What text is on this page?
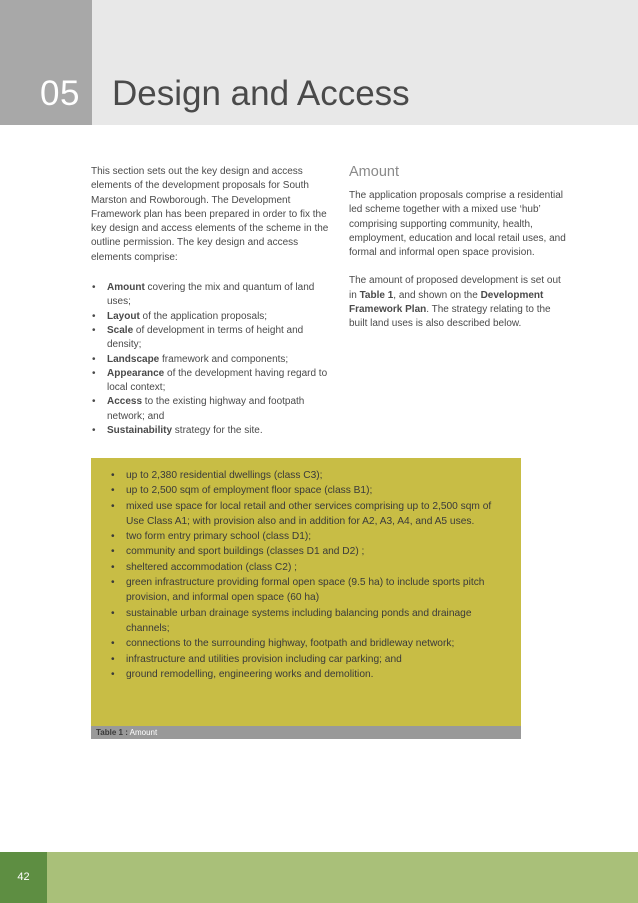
05 Design and Access

This section sets out the key design and access elements of the development proposals for South Marston and Rowborough. The Development Framework plan has been prepared in order to fix the key design and access elements of the scheme in the outline permission. The key design and access elements comprise:

• Amount covering the mix and quantum of land uses;
• Layout of the application proposals;
• Scale of development in terms of height and density;
• Landscape framework and components;
• Appearance of the development having regard to local context;
• Access to the existing highway and footpath network; and
• Sustainability strategy for the site.
Amount

The application proposals comprise a residential led scheme together with a mixed use ‘hub’ comprising supporting community, health, employment, education and local retail uses, and formal and informal open space provision.

The amount of proposed development is set out in Table 1, and shown on the Development Framework Plan. The strategy relating to the built land uses is also described below.

• up to 2,380 residential dwellings (class C3);
• up to 2,500 sqm of employment floor space (class B1);
• mixed use space for local retail and other services comprising up to 2,500 sqm of Use Class A1; with provision also and in addition for A2, A3, A4, and A5 uses.
• two form entry primary school (class D1);
• community and sport buildings (classes D1 and D2) ;
• sheltered accommodation (class C2) ;
• green infrastructure providing formal open space (9.5 ha) to include sports pitch provision, and informal open space (60 ha)
• sustainable urban drainage systems including balancing ponds and drainage channels;
• connections to the surrounding highway, footpath and bridleway network;
• infrastructure and utilities provision including car parking; and
• ground remodelling, engineering works and demolition.
Table 1 : Amount
42
